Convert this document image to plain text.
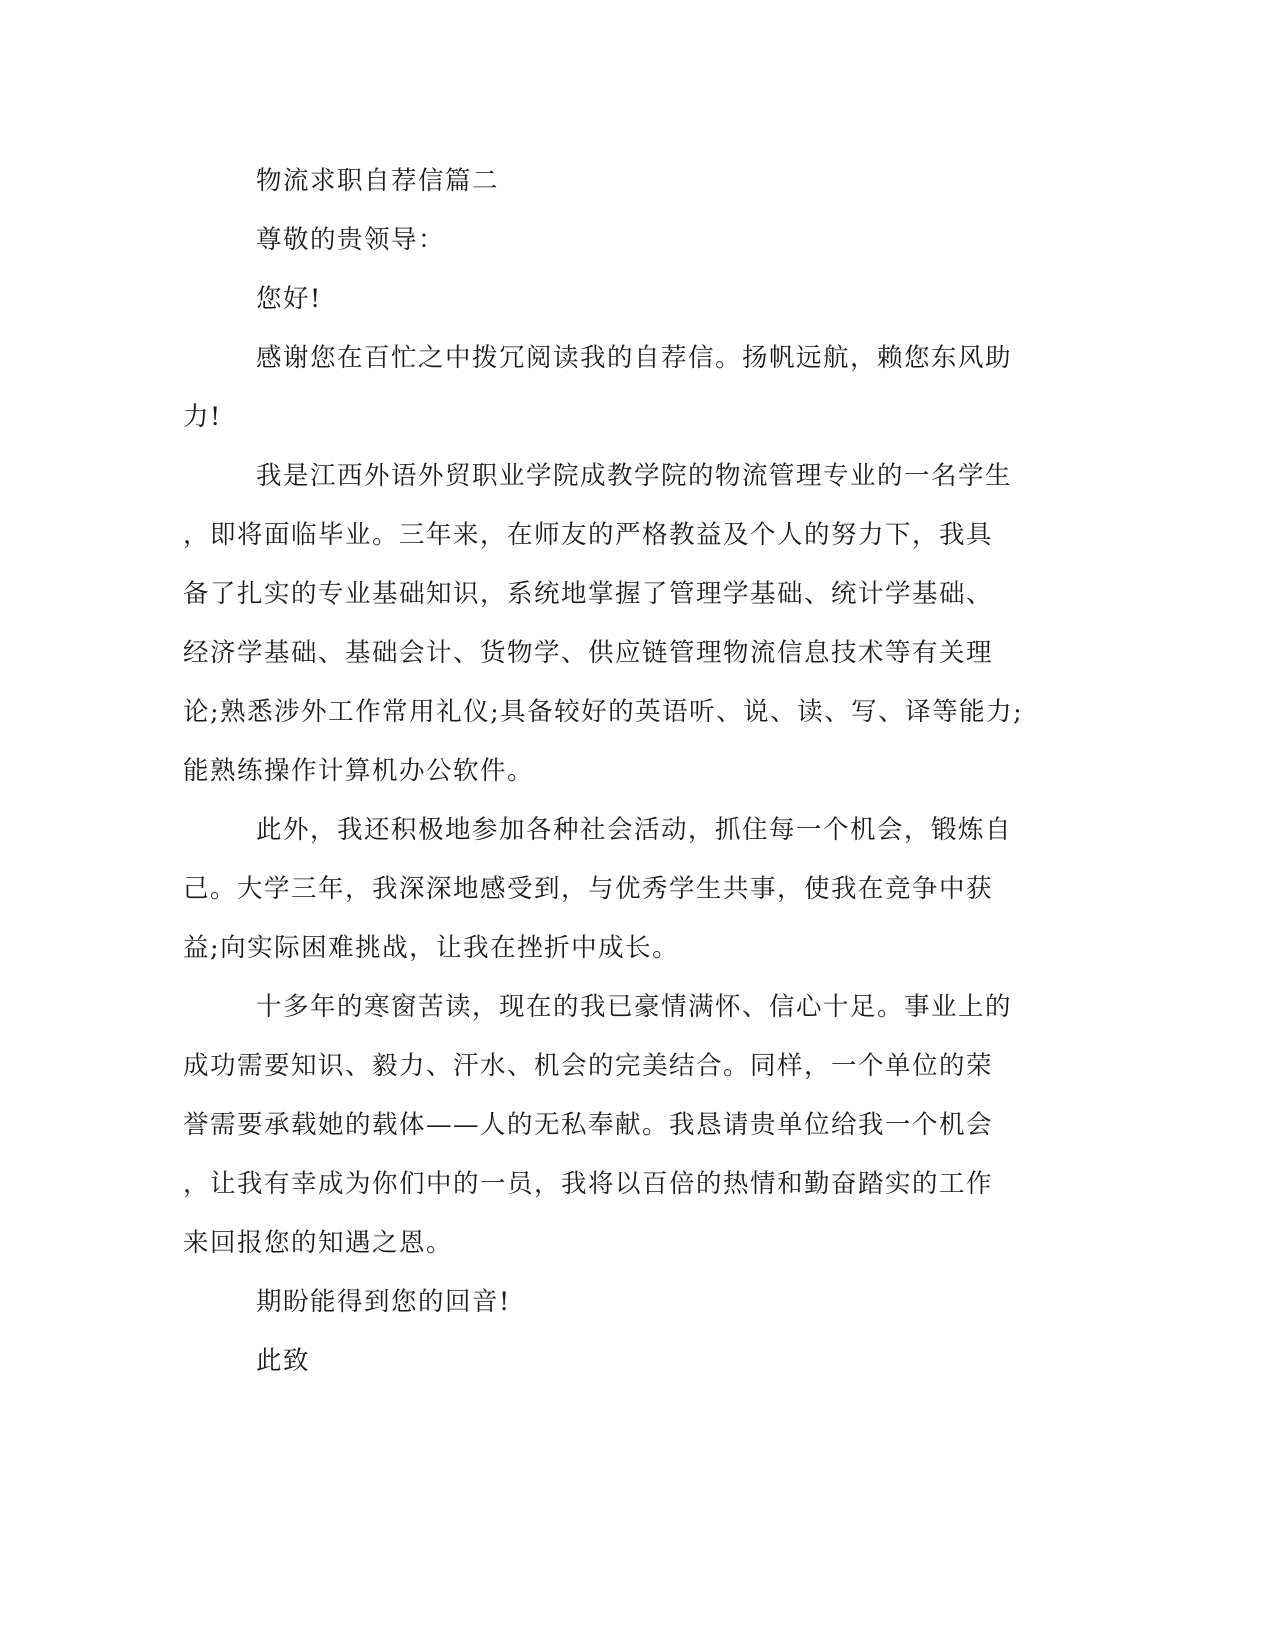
物流求职自荐信篇二
尊敬的贵领导：
您好!
感谢您在百忙之中拨冗阅读我的自荐信。扬帆远航，赖您东风助
力!
我是江西外语外贸职业学院成教学院的物流管理专业的一名学生
，即将面临毕业。三年来，在师友的严格教益及个人的努力下，我具
备了扎实的专业基础知识，系统地掌握了管理学基础、统计学基础、
经济学基础、基础会计、货物学、供应链管理物流信息技术等有关理
论;熟悉涉外工作常用礼仪;具备较好的英语听、说、读、写、译等能力;
能熟练操作计算机办公软件。
此外，我还积极地参加各种社会活动，抓住每一个机会，锻炼自
己。大学三年，我深深地感受到，与优秀学生共事，使我在竞争中获
益;向实际困难挑战，让我在挫折中成长。
十多年的寒窗苦读，现在的我已豪情满怀、信心十足。事业上的
成功需要知识、毅力、汗水、机会的完美结合。同样，一个单位的荣
誉需要承载她的载体——人的无私奉献。我恳请贵单位给我一个机会
，让我有幸成为你们中的一员，我将以百倍的热情和勤奋踏实的工作
来回报您的知遇之恩。
期盼能得到您的回音!
此致
